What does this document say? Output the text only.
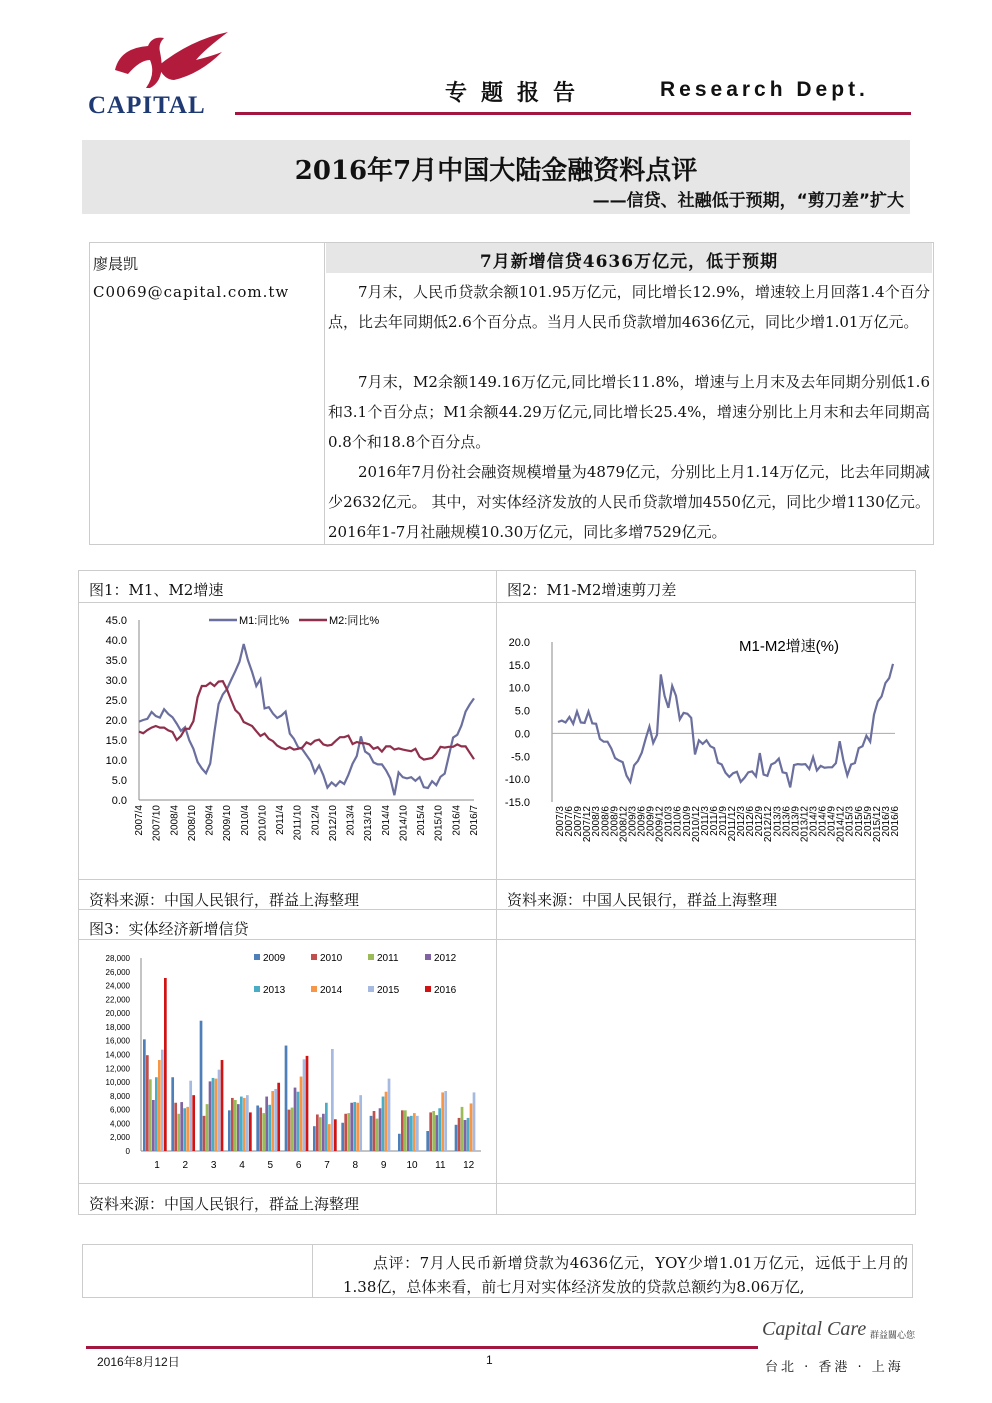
CAPITAL	专题报告	Research Dept.
2016年7月中国大陆金融资料点评
——信贷、社融低于预期，“剪刀差”扩大
廖晨凯
C0069@capital.com.tw
7月新增信贷4636万亿元，低于预期

7月末，人民币贷款余额101.95万亿元，同比增长12.9%，增速较上月回落1.4个百分点，比去年同期低2.6个百分点。当月人民币贷款增加4636亿元，同比少增1.01万亿元。

7月末，M2余额149.16万亿元,同比增长11.8%，增速与上月末及去年同期分别低1.6和3.1个百分点；M1余额44.29万亿元,同比增长25.4%，增速分别比上月末和去年同期高0.8个和18.8个百分点。

2016年7月份社会融资规模增量为4879亿元，分别比上月1.14万亿元，比去年同期减少2632亿元。 其中，对实体经济发放的人民币贷款增加4550亿元，同比少增1130亿元。2016年1-7月社融规模10.30万亿元，同比多增7529亿元。

图1：M1、M2增速	图2：M1-M2增速剪刀差
资料来源：中国人民银行，群益上海整理	资料来源：中国人民银行，群益上海整理
图3：实体经济新增信贷
资料来源：中国人民银行，群益上海整理
0.0
5.0
10.0
15.0
20.0
25.0
30.0
35.0
40.0
45.0
2007/4 2007/10 2008/4 2008/10 2009/4 2009/10 2010/4 2010/10 2011/4 2011/10 2012/4 2012/10 2013/4 2013/10 2014/4 2014/10 2015/4 2015/10 2016/4 2016/7
M1:同比%	M2:同比%
-15.0
-10.0
-5.0
0.0
5.0
10.0
15.0
20.0	M1-M2增速(%)
2007/3
2007/6
2007/9
2007/12
2008/3
2008/6
2008/9
2008/12
2009/3
2009/6
2009/9
2009/12
2010/3
2010/6
2010/9
2010/12
2011/3
2011/6
2011/9
2011/12
2012/3
2012/6
2012/9
2012/12
2013/3
2013/6
2013/9
2013/12
2014/3
2014/6
2014/9
2014/12
2015/3
2015/6
2015/9
2015/12
2016/3
2016/6
0
2,000
4,000
6,000
8,000
10,000
12,000
14,000
16,000
18,000
20,000
22,000
24,000
26,000
28,000
1 2 3 4 5 6 7 8 9 10 11 12
2009	2010	2011	2012
2013	2014	2015	2016

点评：7月人民币新增贷款为4636亿元，YOY少增1.01万亿元，远低于上月的1.38亿，总体来看，前七月对实体经济发放的贷款总额约为8.06万亿,

Capital Care 群益關心您
2016年8月12日	1	台北 · 香港 · 上海
